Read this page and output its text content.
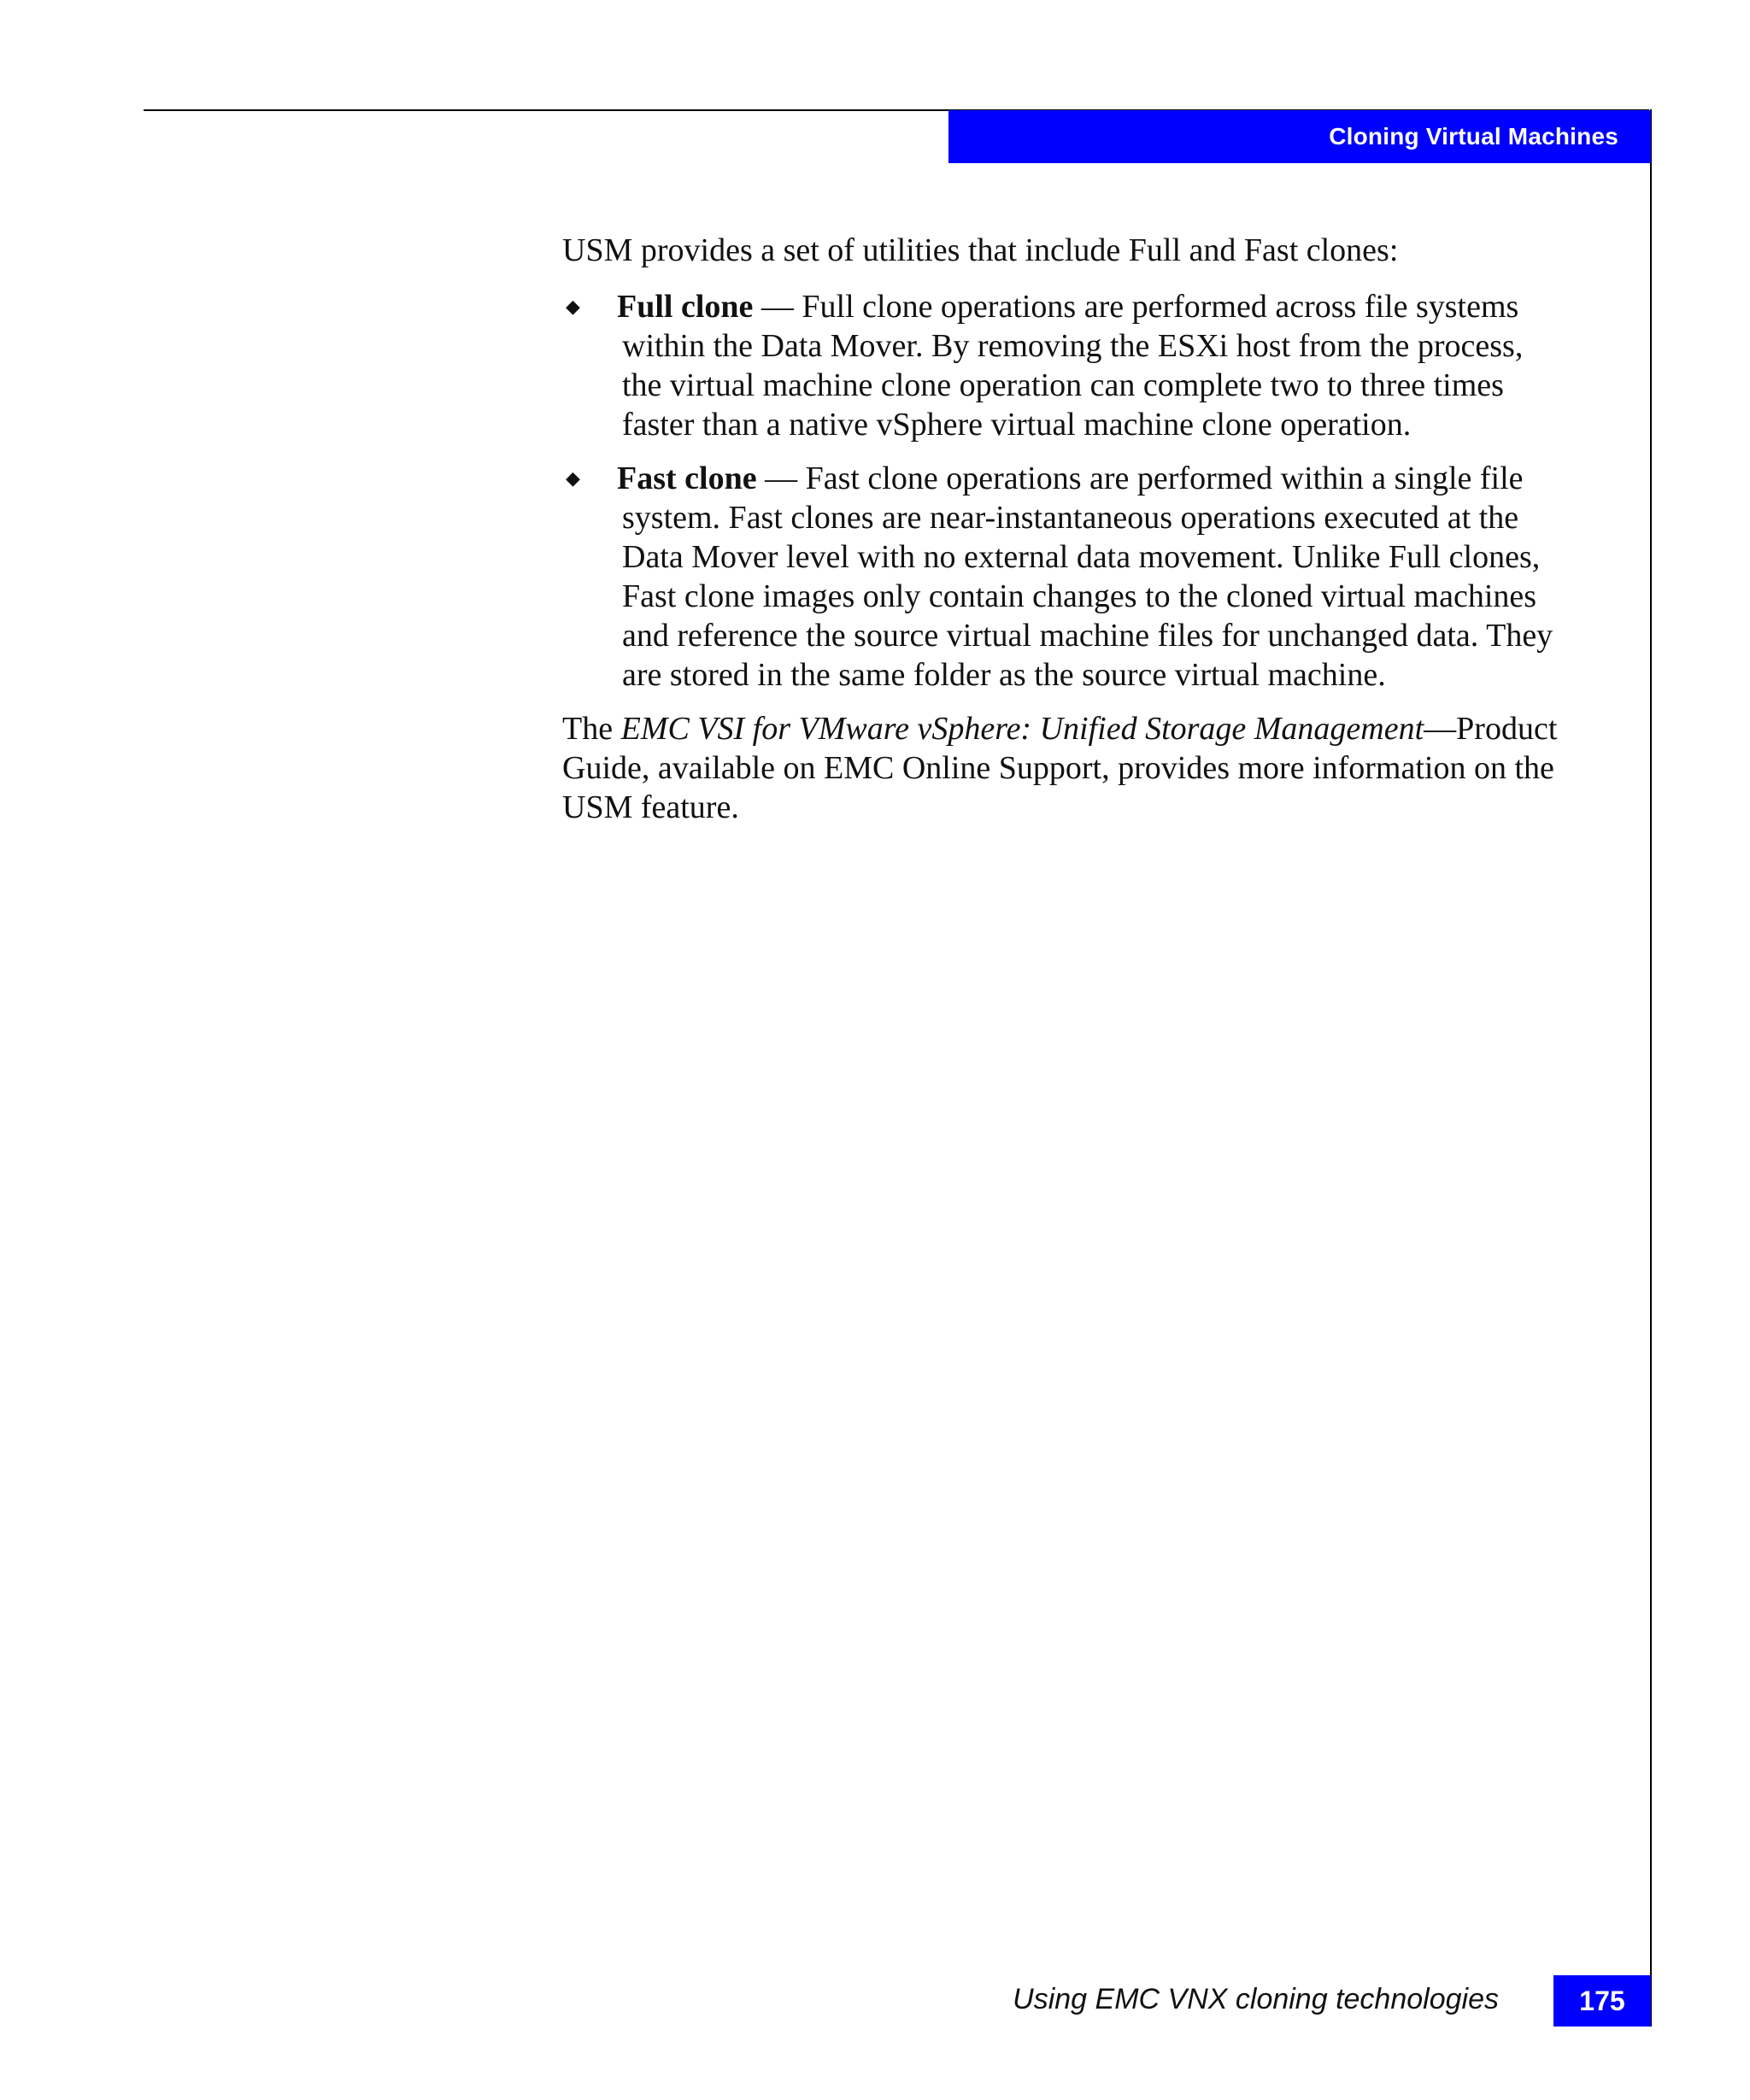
Cloning Virtual Machines

USM provides a set of utilities that include Full and Fast clones:

◆ Full clone — Full clone operations are performed across file systems within the Data Mover. By removing the ESXi host from the process, the virtual machine clone operation can complete two to three times faster than a native vSphere virtual machine clone operation.
◆ Fast clone — Fast clone operations are performed within a single file system. Fast clones are near-instantaneous operations executed at the Data Mover level with no external data movement. Unlike Full clones, Fast clone images only contain changes to the cloned virtual machines and reference the source virtual machine files for unchanged data. They are stored in the same folder as the source virtual machine.

The EMC VSI for VMware vSphere: Unified Storage Management—Product Guide, available on EMC Online Support, provides more information on the USM feature.

Using EMC VNX cloning technologies	175
